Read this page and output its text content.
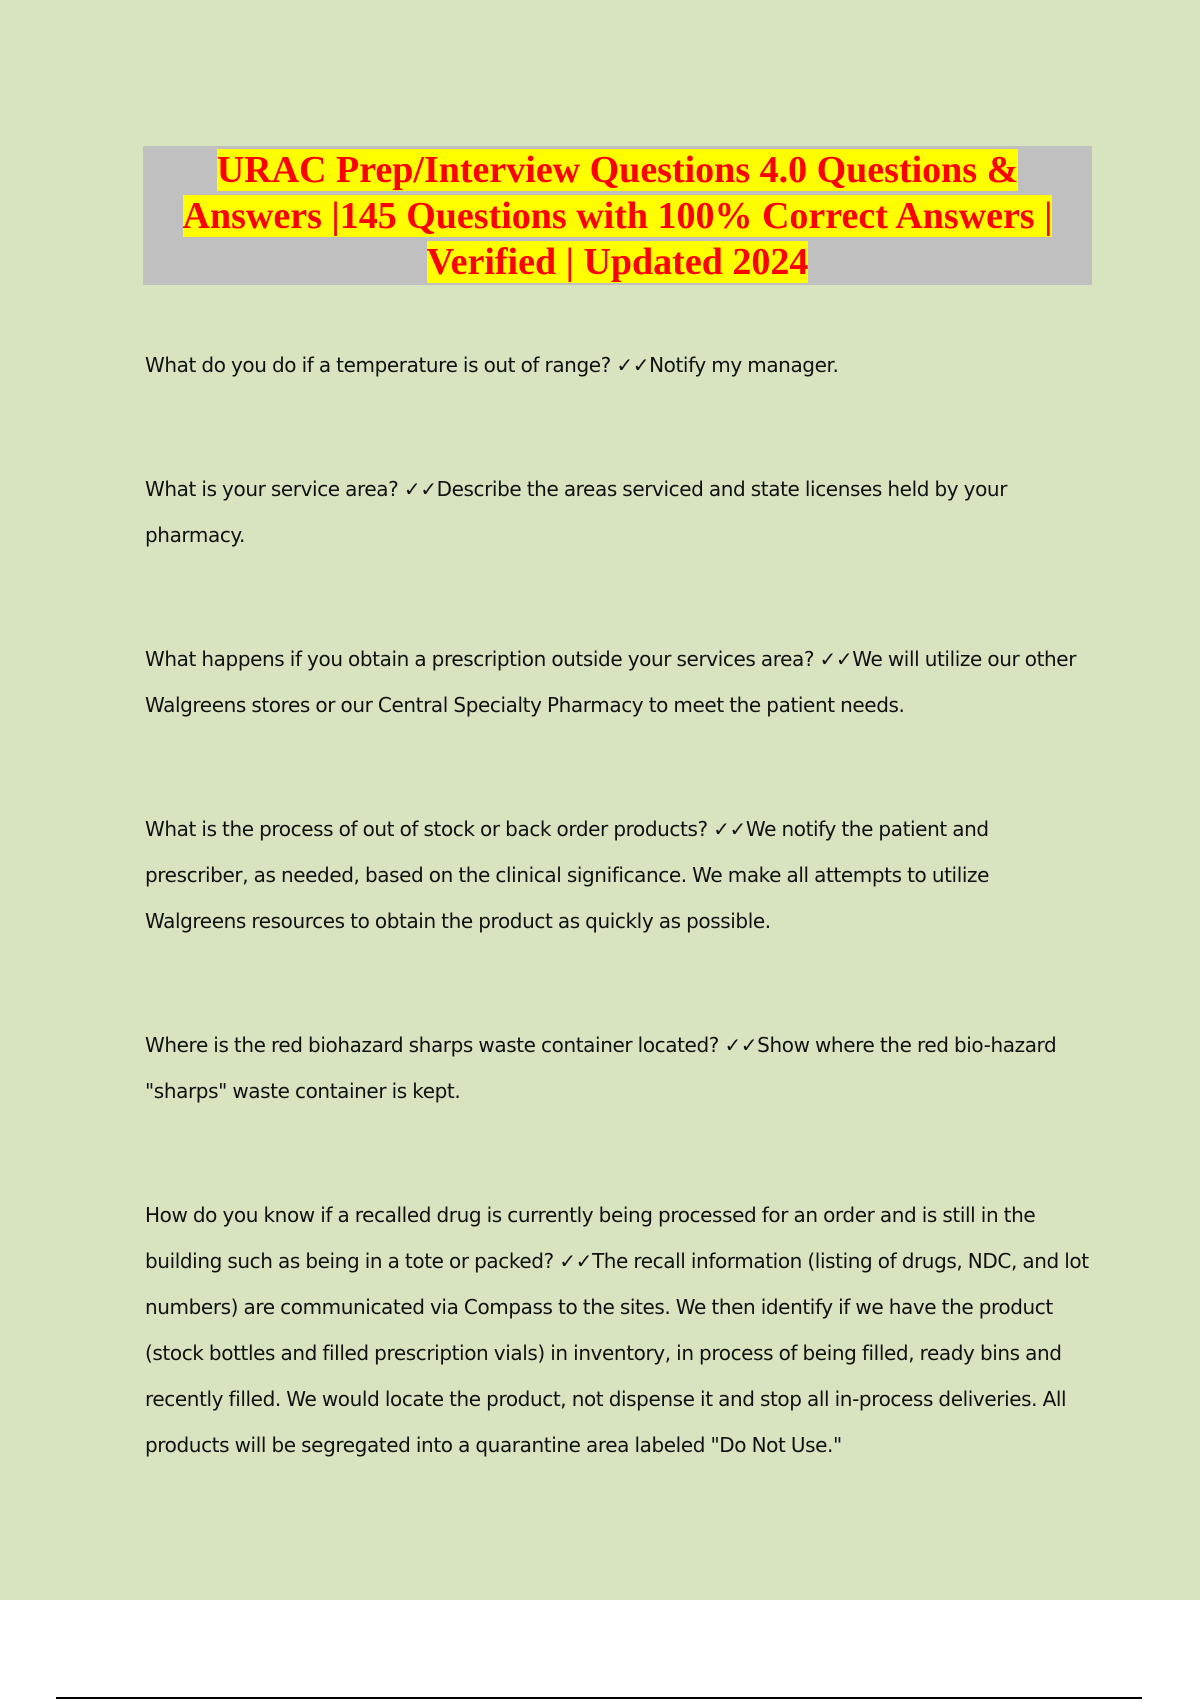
URAC Prep/Interview Questions 4.0 Questions &
Answers |145 Questions with 100% Correct Answers |
Verified | Updated 2024

What do you do if a temperature is out of range? ✓✓Notify my manager.

What is your service area? ✓✓Describe the areas serviced and state licenses held by your pharmacy.

What happens if you obtain a prescription outside your services area? ✓✓We will utilize our other Walgreens stores or our Central Specialty Pharmacy to meet the patient needs.

What is the process of out of stock or back order products? ✓✓We notify the patient and prescriber, as needed, based on the clinical significance. We make all attempts to utilize Walgreens resources to obtain the product as quickly as possible.

Where is the red biohazard sharps waste container located? ✓✓Show where the red bio-hazard "sharps" waste container is kept.

How do you know if a recalled drug is currently being processed for an order and is still in the building such as being in a tote or packed? ✓✓The recall information (listing of drugs, NDC, and lot numbers) are communicated via Compass to the sites. We then identify if we have the product (stock bottles and filled prescription vials) in inventory, in process of being filled, ready bins and recently filled. We would locate the product, not dispense it and stop all in-process deliveries. All products will be segregated into a quarantine area labeled "Do Not Use."
